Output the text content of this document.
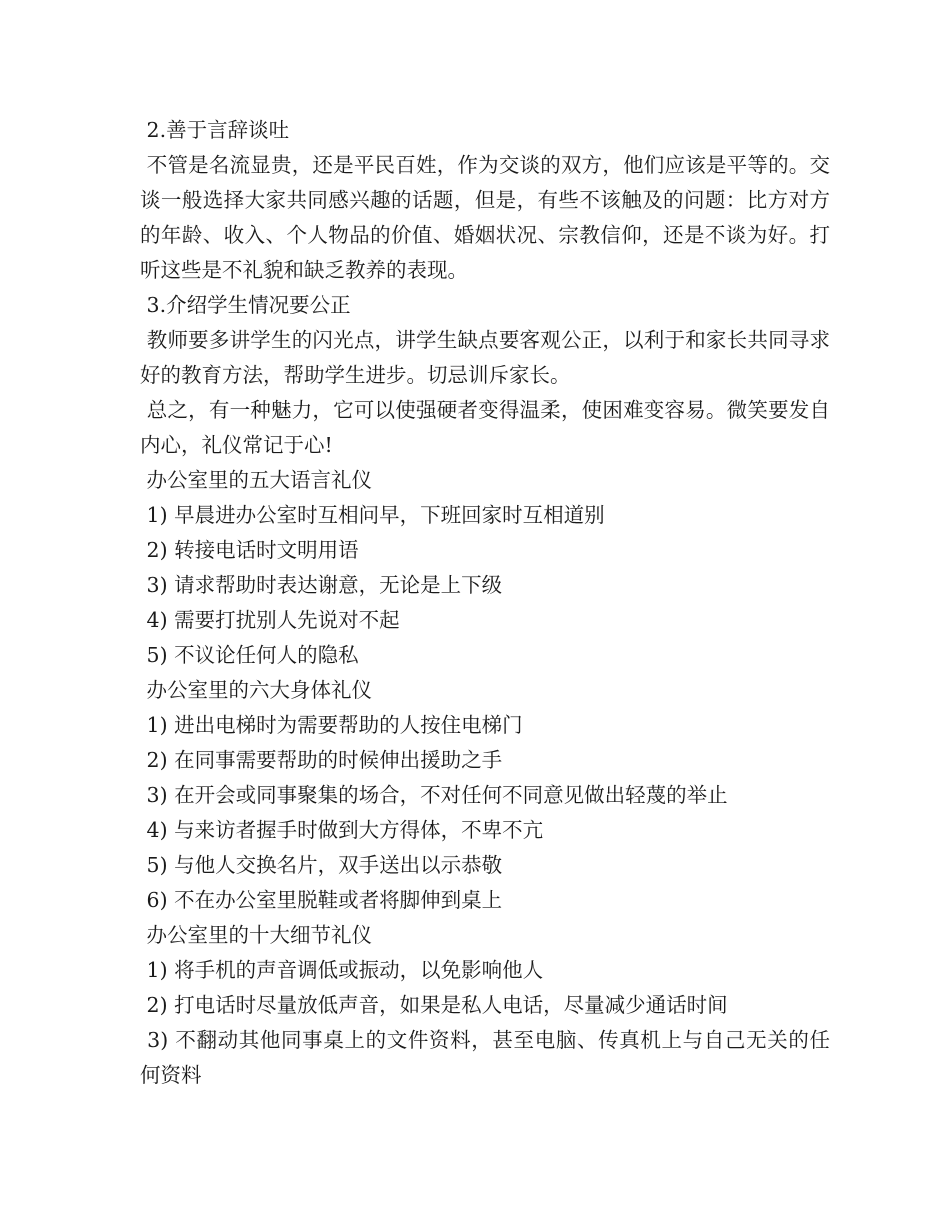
2.善于言辞谈吐

不管是名流显贵，还是平民百姓，作为交谈的双方，他们应该是平等的。交谈一般选择大家共同感兴趣的话题，但是，有些不该触及的问题：比方对方的年龄、收入、个人物品的价值、婚姻状况、宗教信仰，还是不谈为好。打听这些是不礼貌和缺乏教养的表现。

3.介绍学生情况要公正

教师要多讲学生的闪光点，讲学生缺点要客观公正，以利于和家长共同寻求好的教育方法，帮助学生进步。切忌训斥家长。

总之，有一种魅力，它可以使强硬者变得温柔，使困难变容易。微笑要发自内心，礼仪常记于心!

办公室里的五大语言礼仪

1) 早晨进办公室时互相问早，下班回家时互相道别

2) 转接电话时文明用语

3) 请求帮助时表达谢意，无论是上下级

4) 需要打扰别人先说对不起

5) 不议论任何人的隐私

办公室里的六大身体礼仪

1) 进出电梯时为需要帮助的人按住电梯门

2) 在同事需要帮助的时候伸出援助之手

3) 在开会或同事聚集的场合，不对任何不同意见做出轻蔑的举止

4) 与来访者握手时做到大方得体，不卑不亢

5) 与他人交换名片，双手送出以示恭敬

6) 不在办公室里脱鞋或者将脚伸到桌上

办公室里的十大细节礼仪

1) 将手机的声音调低或振动，以免影响他人

2) 打电话时尽量放低声音，如果是私人电话，尽量减少通话时间

3) 不翻动其他同事桌上的文件资料，甚至电脑、传真机上与自己无关的任何资料
